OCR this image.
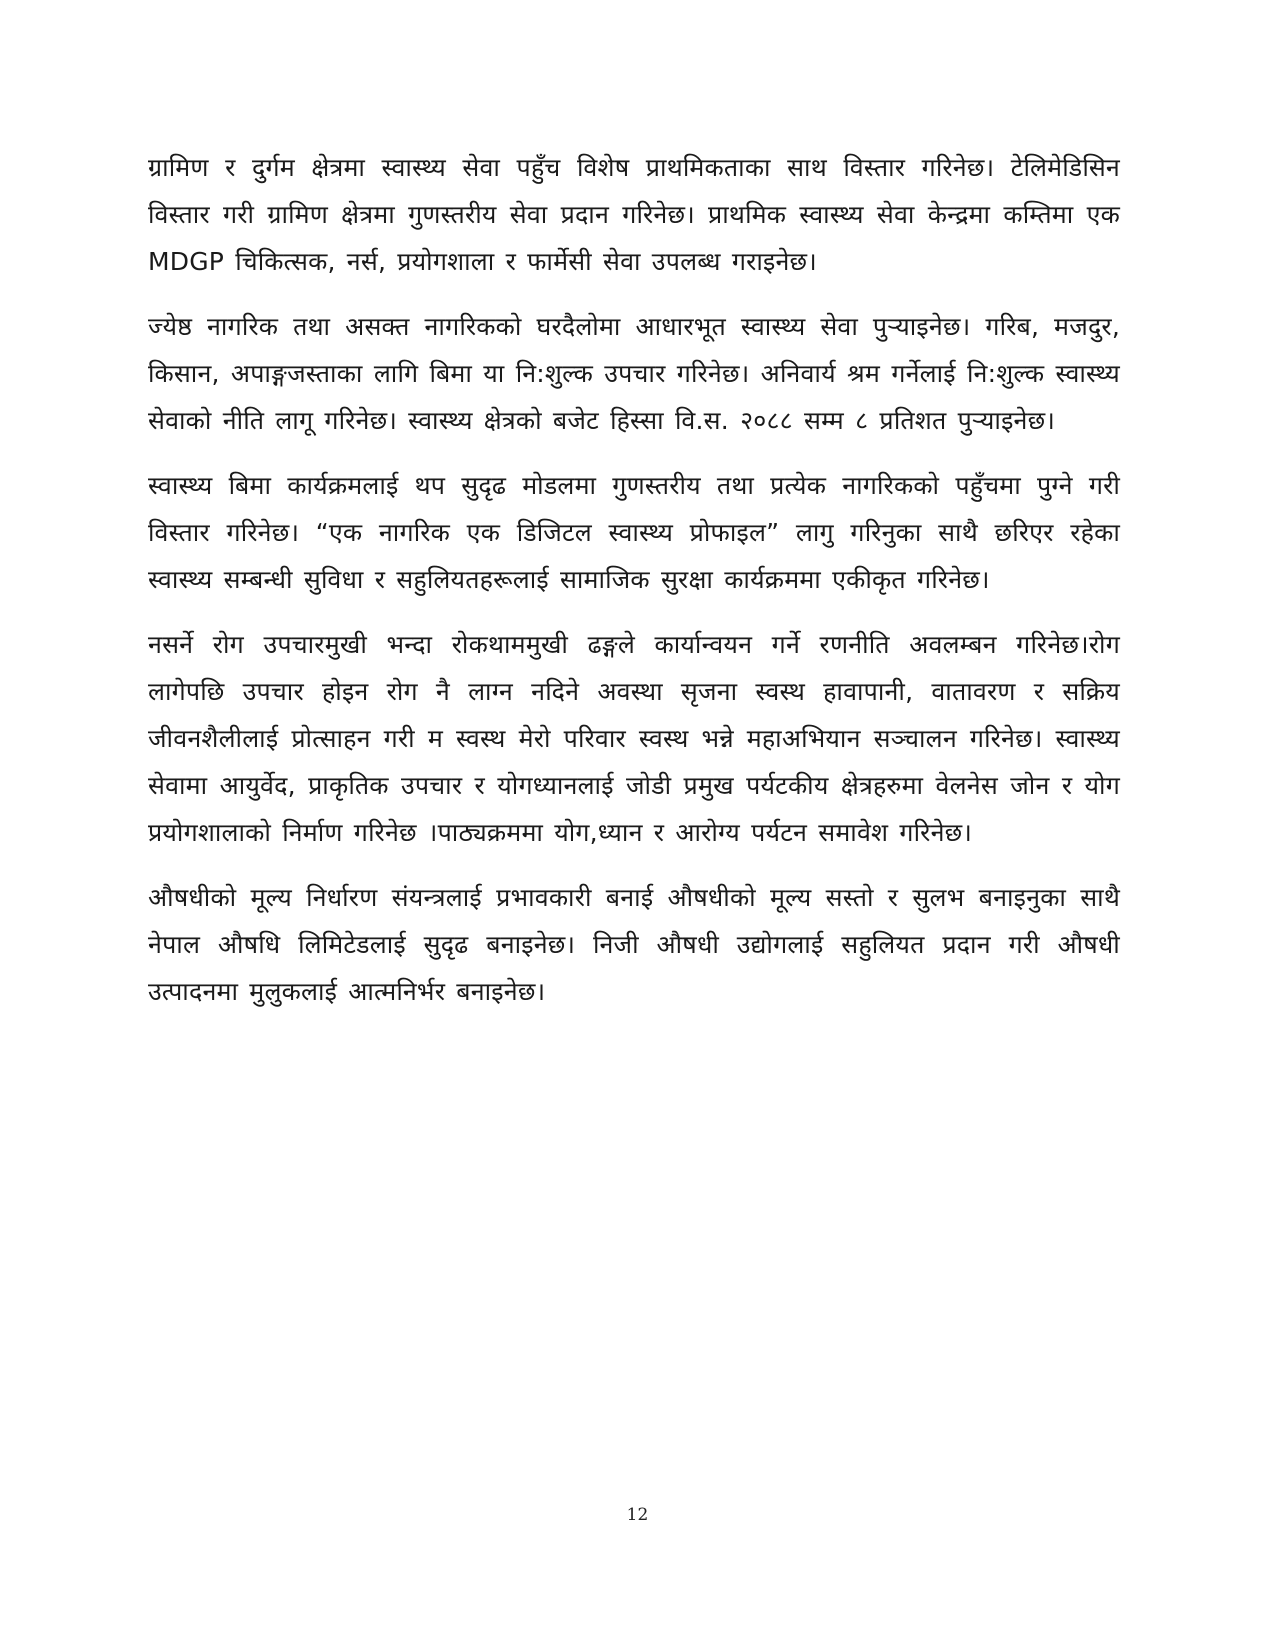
ग्रामिण र दुर्गम क्षेत्रमा स्वास्थ्य सेवा पहुँच विशेष प्राथमिकताका साथ विस्तार गरिनेछ। टेलिमेडिसिन विस्तार गरी ग्रामिण क्षेत्रमा गुणस्तरीय सेवा प्रदान गरिनेछ। प्राथमिक स्वास्थ्य सेवा केन्द्रमा कम्तिमा एक MDGP चिकित्सक, नर्स, प्रयोगशाला र फार्मेसी सेवा उपलब्ध गराइनेछ।

ज्येष्ठ नागरिक तथा असक्त नागरिकको घरदैलोमा आधारभूत स्वास्थ्य सेवा पुऱ्याइनेछ। गरिब, मजदुर, किसान, अपाङ्गजस्ताका लागि बिमा या नि:शुल्क उपचार गरिनेछ। अनिवार्य श्रम गर्नेलाई नि:शुल्क स्वास्थ्य सेवाको नीति लागू गरिनेछ। स्वास्थ्य क्षेत्रको बजेट हिस्सा वि.स. २०८८ सम्म ८ प्रतिशत पुऱ्याइनेछ।

स्वास्थ्य बिमा कार्यक्रमलाई थप सुदृढ मोडलमा गुणस्तरीय तथा प्रत्येक नागरिकको पहुँचमा पुग्ने गरी विस्तार गरिनेछ। “एक नागरिक एक डिजिटल स्वास्थ्य प्रोफाइल” लागु गरिनुका साथै छरिएर रहेका स्वास्थ्य सम्बन्धी सुविधा र सहुलियतहरूलाई सामाजिक सुरक्षा कार्यक्रममा एकीकृत गरिनेछ।

नसर्ने रोग उपचारमुखी भन्दा रोकथाममुखी ढङ्गले कार्यान्वयन गर्ने रणनीति अवलम्बन गरिनेछ।रोग लागेपछि उपचार होइन रोग नै लाग्न नदिने अवस्था सृजना स्वस्थ हावापानी, वातावरण र सक्रिय जीवनशैलीलाई प्रोत्साहन गरी म स्वस्थ मेरो परिवार स्वस्थ भन्ने महाअभियान सञ्चालन गरिनेछ। स्वास्थ्य सेवामा आयुर्वेद, प्राकृतिक उपचार र योगध्यानलाई जोडी प्रमुख पर्यटकीय क्षेत्रहरुमा वेलनेस जोन र योग प्रयोगशालाको निर्माण गरिनेछ ।पाठ्यक्रममा योग,ध्यान र आरोग्य पर्यटन समावेश गरिनेछ।

औषधीको मूल्य निर्धारण संयन्त्रलाई प्रभावकारी बनाई औषधीको मूल्य सस्तो र सुलभ बनाइनुका साथै नेपाल औषधि लिमिटेडलाई सुदृढ बनाइनेछ। निजी औषधी उद्योगलाई सहुलियत प्रदान गरी औषधी उत्पादनमा मुलुकलाई आत्मनिर्भर बनाइनेछ।

12
